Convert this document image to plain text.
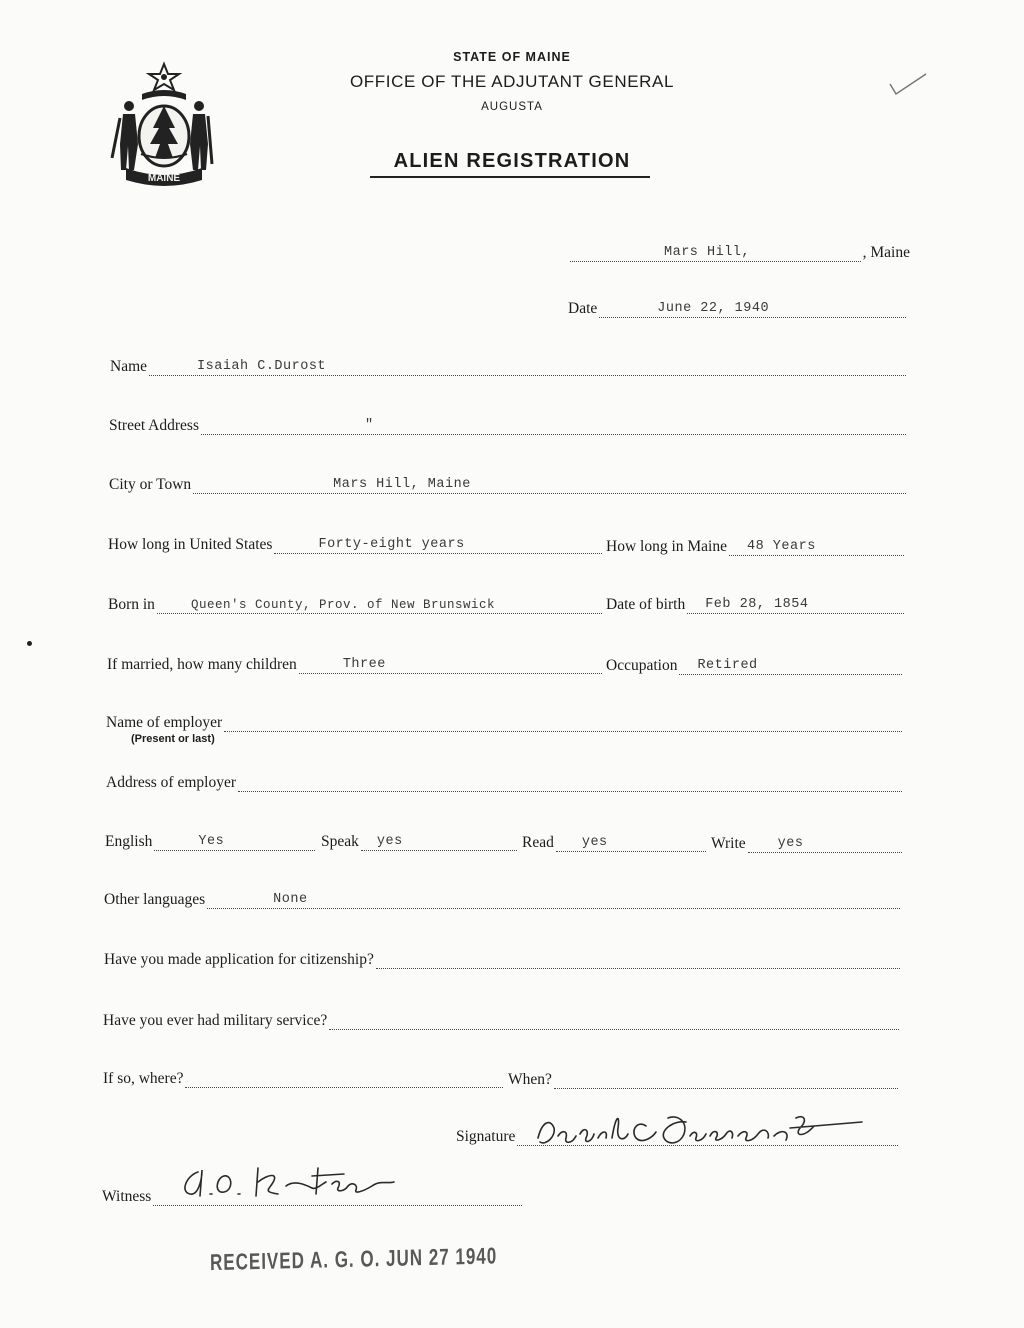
STATE OF MAINE
OFFICE OF THE ADJUTANT GENERAL
AUGUSTA
ALIEN REGISTRATION
MAINE
Mars Hill,	, Maine
Date	June 22, 1940
Name	Isaiah C.Durost
Street Address	"
City or Town	Mars Hill, Maine
How long in United States	Forty-eight years	How long in Maine 48 Years
Born in	Queen's County, Prov. of New Brunswick	Date of birth Feb 28, 1854
If married, how many children	Three	Occupation Retired
Name of employer
(Present or last)
Address of employer
English	Yes	Speak yes	Read yes	Write yes
Other languages	None
Have you made application for citizenship?
Have you ever had military service?
If so, where?	When?
Signature
Witness
RECEIVED A. G. O. JUN 27 1940
